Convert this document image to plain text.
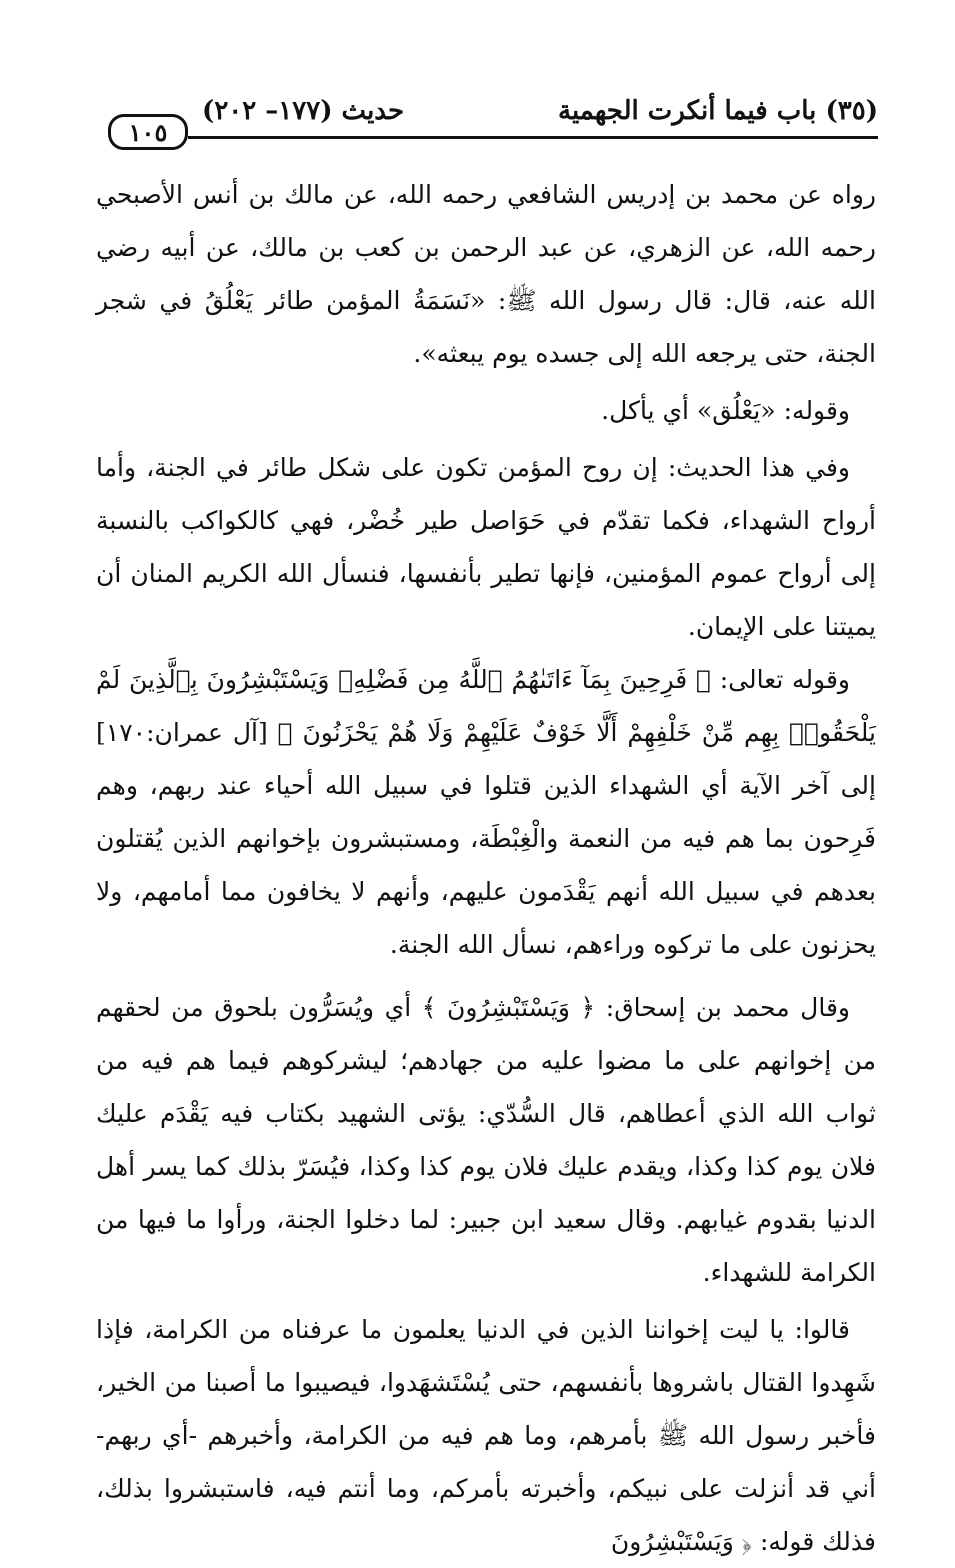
(٣٥) باب فيما أنكرت الجهمية
حديث (١٧٧– ٢٠٢)
١٠٥

رواه عن محمد بن إدريس الشافعي رحمه الله، عن مالك بن أنس الأصبحي رحمه الله، عن الزهري، عن عبد الرحمن بن كعب بن مالك، عن أبيه رضي الله عنه، قال: قال رسول الله ﷺ: «نَسَمَةُ المؤمن طائر يَعْلُقُ في شجر الجنة، حتى يرجعه الله إلى جسده يوم يبعثه».

وقوله: «يَعْلُق» أي يأكل.

وفي هذا الحديث: إن روح المؤمن تكون على شكل طائر في الجنة، وأما أرواح الشهداء، فكما تقدّم في حَوَاصل طير خُضْر، فهي كالكواكب بالنسبة إلى أرواح عموم المؤمنين، فإنها تطير بأنفسها، فنسأل الله الكريم المنان أن يميتنا على الإيمان.

وقوله تعالى: ﴿ فَرِحِينَ بِمَآ ءَاتَىٰهُمُ ٱللَّهُ مِن فَضْلِهِۦ وَيَسْتَبْشِرُونَ بِٱلَّذِينَ لَمْ يَلْحَقُوا۟ بِهِم مِّنْ خَلْفِهِمْ أَلَّا خَوْفٌ عَلَيْهِمْ وَلَا هُمْ يَحْزَنُونَ ﴾ [آل عمران:١٧٠] إلى آخر الآية أي الشهداء الذين قتلوا في سبيل الله أحياء عند ربهم، وهم فَرِحون بما هم فيه من النعمة والْغِبْطَة، ومستبشرون بإخوانهم الذين يُقتلون بعدهم في سبيل الله أنهم يَقْدَمون عليهم، وأنهم لا يخافون مما أمامهم، ولا يحزنون على ما تركوه وراءهم، نسأل الله الجنة.

وقال محمد بن إسحاق: ﴿ وَيَسْتَبْشِرُونَ ﴾ أي ويُسَرُّون بلحوق من لحقهم من إخوانهم على ما مضوا عليه من جهادهم؛ ليشركوهم فيما هم فيه من ثواب الله الذي أعطاهم، قال السُّدّي: يؤتى الشهيد بكتاب فيه يَقْدَم عليك فلان يوم كذا وكذا، ويقدم عليك فلان يوم كذا وكذا، فيُسَرّ بذلك كما يسر أهل الدنيا بقدوم غيابهم. وقال سعيد ابن جبير: لما دخلوا الجنة، ورأوا ما فيها من الكرامة للشهداء.

قالوا: يا ليت إخواننا الذين في الدنيا يعلمون ما عرفناه من الكرامة، فإذا شَهِدوا القتال باشروها بأنفسهم، حتى يُسْتَشهَدوا، فيصيبوا ما أصبنا من الخير، فأخبر رسول الله ﷺ بأمرهم، وما هم فيه من الكرامة، وأخبرهم -أي ربهم- أني قد أنزلت على نبيكم، وأخبرته بأمركم، وما أنتم فيه، فاستبشروا بذلك، فذلك قوله: ﴿ وَيَسْتَبْشِرُونَ
